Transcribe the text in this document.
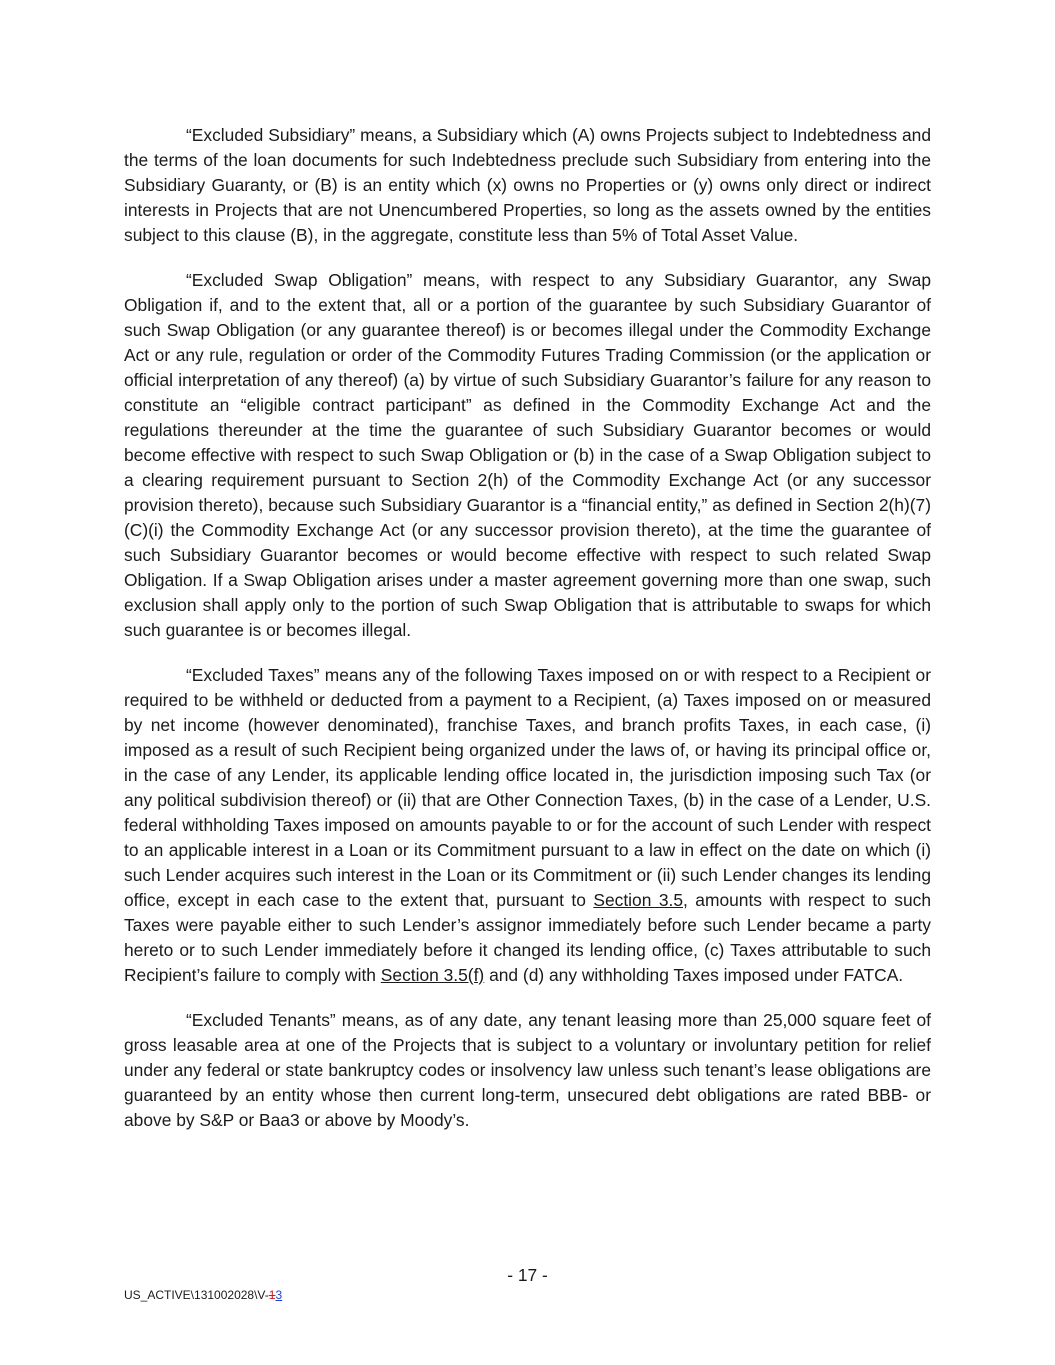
“Excluded Subsidiary” means, a Subsidiary which (A) owns Projects subject to Indebtedness and the terms of the loan documents for such Indebtedness preclude such Subsidiary from entering into the Subsidiary Guaranty, or (B) is an entity which (x) owns no Properties or (y) owns only direct or indirect interests in Projects that are not Unencumbered Properties, so long as the assets owned by the entities subject to this clause (B), in the aggregate, constitute less than 5% of Total Asset Value.

“Excluded Swap Obligation” means, with respect to any Subsidiary Guarantor, any Swap Obligation if, and to the extent that, all or a portion of the guarantee by such Subsidiary Guarantor of such Swap Obligation (or any guarantee thereof) is or becomes illegal under the Commodity Exchange Act or any rule, regulation or order of the Commodity Futures Trading Commission (or the application or official interpretation of any thereof) (a) by virtue of such Subsidiary Guarantor’s failure for any reason to constitute an “eligible contract participant” as defined in the Commodity Exchange Act and the regulations thereunder at the time the guarantee of such Subsidiary Guarantor becomes or would become effective with respect to such Swap Obligation or (b) in the case of a Swap Obligation subject to a clearing requirement pursuant to Section 2(h) of the Commodity Exchange Act (or any successor provision thereto), because such Subsidiary Guarantor is a “financial entity,” as defined in Section 2(h)(7)(C)(i) the Commodity Exchange Act (or any successor provision thereto), at the time the guarantee of such Subsidiary Guarantor becomes or would become effective with respect to such related Swap Obligation. If a Swap Obligation arises under a master agreement governing more than one swap, such exclusion shall apply only to the portion of such Swap Obligation that is attributable to swaps for which such guarantee is or becomes illegal.

“Excluded Taxes” means any of the following Taxes imposed on or with respect to a Recipient or required to be withheld or deducted from a payment to a Recipient, (a) Taxes imposed on or measured by net income (however denominated), franchise Taxes, and branch profits Taxes, in each case, (i) imposed as a result of such Recipient being organized under the laws of, or having its principal office or, in the case of any Lender, its applicable lending office located in, the jurisdiction imposing such Tax (or any political subdivision thereof) or (ii) that are Other Connection Taxes, (b) in the case of a Lender, U.S. federal withholding Taxes imposed on amounts payable to or for the account of such Lender with respect to an applicable interest in a Loan or its Commitment pursuant to a law in effect on the date on which (i) such Lender acquires such interest in the Loan or its Commitment or (ii) such Lender changes its lending office, except in each case to the extent that, pursuant to Section 3.5, amounts with respect to such Taxes were payable either to such Lender’s assignor immediately before such Lender became a party hereto or to such Lender immediately before it changed its lending office, (c) Taxes attributable to such Recipient’s failure to comply with Section 3.5(f) and (d) any withholding Taxes imposed under FATCA.

“Excluded Tenants” means, as of any date, any tenant leasing more than 25,000 square feet of gross leasable area at one of the Projects that is subject to a voluntary or involuntary petition for relief under any federal or state bankruptcy codes or insolvency law unless such tenant’s lease obligations are guaranteed by an entity whose then current long-term, unsecured debt obligations are rated BBB- or above by S&P or Baa3 or above by Moody’s.

- 17 -
US_ACTIVE\131002028\V-13
